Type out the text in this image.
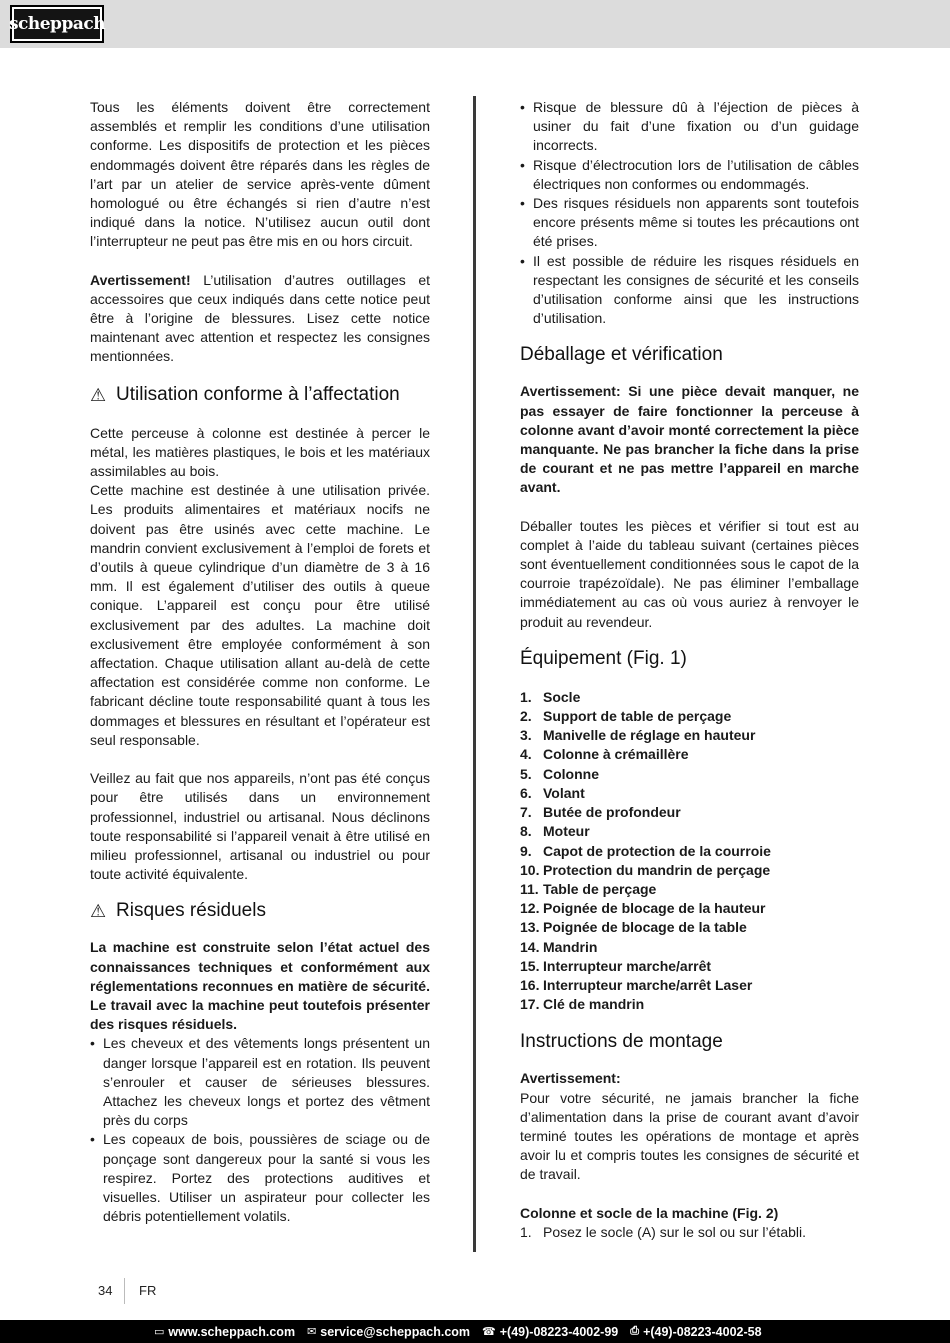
scheppach

Tous les éléments doivent être correctement assemblés et remplir les conditions d’une utilisation conforme. Les dispositifs de protection et les pièces endommagés doivent être réparés dans les règles de l’art par un atelier de service après-vente dûment homologué ou être échangés si rien d’autre n’est indiqué dans la notice. N’utilisez aucun outil dont l’interrupteur ne peut pas être mis en ou hors circuit.

Avertissement! L’utilisation d’autres outillages et accessoires que ceux indiqués dans cette notice peut être à l’origine de blessures. Lisez cette notice maintenant avec attention et respectez les consignes mentionnées.

⚠ Utilisation conforme à l’affectation

Cette perceuse à colonne est destinée à percer le métal, les matières plastiques, le bois et les matériaux assimilables au bois.

Cette machine est destinée à une utilisation privée. Les produits alimentaires et matériaux nocifs ne doivent pas être usinés avec cette machine. Le mandrin convient exclusivement à l’emploi de forets et d’outils à queue cylindrique d’un diamètre de 3 à 16 mm. Il est également d’utiliser des outils à queue conique. L’appareil est conçu pour être utilisé exclusivement par des adultes. La machine doit exclusivement être employée conformément à son affectation. Chaque utilisation allant au-delà de cette affectation est considérée comme non conforme. Le fabricant décline toute responsabilité quant à tous les dommages et blessures en résultant et l’opérateur est seul responsable.

Veillez au fait que nos appareils, n’ont pas été conçus pour être utilisés dans un environnement professionnel, industriel ou artisanal. Nous déclinons toute responsabilité si l’appareil venait à être utilisé en milieu professionnel, artisanal ou industriel ou pour toute activité équivalente.

⚠ Risques résiduels

La machine est construite selon l’état actuel des connaissances techniques et conformément aux réglementations reconnues en matière de sécurité. Le travail avec la machine peut toutefois présenter des risques résiduels.

• Les cheveux et des vêtements longs présentent un danger lorsque l’appareil est en rotation. Ils peuvent s’enrouler et causer de sérieuses blessures. Attachez les cheveux longs et portez des vêtment près du corps
• Les copeaux de bois, poussières de sciage ou de ponçage sont dangereux pour la santé si vous les respirez. Portez des protections auditives et visuelles. Utiliser un aspirateur pour collecter les débris potentiellement volatils.
• Risque de blessure dû à l’éjection de pièces à usiner du fait d’une fixation ou d’un guidage incorrects.
• Risque d’électrocution lors de l’utilisation de câbles électriques non conformes ou endommagés.
• Des risques résiduels non apparents sont toutefois encore présents même si toutes les précautions ont été prises.
• Il est possible de réduire les risques résiduels en respectant les consignes de sécurité et les conseils d’utilisation conforme ainsi que les instructions d’utilisation.
Déballage et vérification

Avertissement: Si une pièce devait manquer, ne pas essayer de faire fonctionner la perceuse à colonne avant d’avoir monté correctement la pièce manquante. Ne pas brancher la fiche dans la prise de courant et ne pas mettre l’appareil en marche avant.

Déballer toutes les pièces et vérifier si tout est au complet à l’aide du tableau suivant (certaines pièces sont éventuellement conditionnées sous le capot de la courroie trapézoïdale). Ne pas éliminer l’emballage immédiatement au cas où vous auriez à renvoyer le produit au revendeur.

Équipement (Fig. 1)
1. Socle
2. Support de table de perçage
3. Manivelle de réglage en hauteur
4. Colonne à crémaillère
5. Colonne
6. Volant
7. Butée de profondeur
8. Moteur
9. Capot de protection de la courroie
10. Protection du mandrin de perçage
11. Table de perçage
12. Poignée de blocage de la hauteur
13. Poignée de blocage de la table
14. Mandrin
15. Interrupteur marche/arrêt
16. Interrupteur marche/arrêt Laser
17. Clé de mandrin
Instructions de montage

Avertissement:

Pour votre sécurité, ne jamais brancher la fiche d’alimentation dans la prise de courant avant d’avoir terminé toutes les opérations de montage et après avoir lu et compris toutes les consignes de sécurité et de travail.

Colonne et socle de la machine (Fig. 2)

1. Posez le socle (A) sur le sol ou sur l’établi.
34 FR
▭ www.scheppach.com ✉ service@scheppach.com ☎ +(49)-08223-4002-99 ⎙ +(49)-08223-4002-58
